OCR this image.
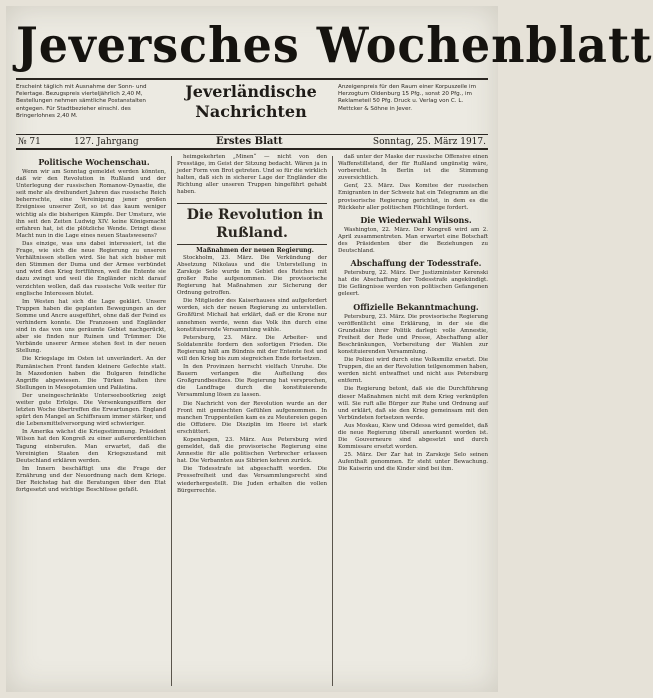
Jeversches Wochenblatt
Erscheint täglich mit Ausnahme der Sonn- und Feiertage. Bezugspreis vierteljährlich 2,40 M, Bestellungen nehmen sämtliche Postanstalten entgegen. Für Stadtbezieher einschl. des Bringerlohnes 2,40 M.
Jeverländische
Nachrichten
Anzeigenpreis für den Raum einer Korpuszeile im Herzogtum Oldenburg 15 Pfg., sonst 20 Pfg., im Reklameteil 50 Pfg. Druck u. Verlag von C. L. Mettcker & Söhne in Jever.
№ 71	127. Jahrgang	Erstes Blatt	Sonntag, 25. März 1917.

Politische Wochenschau.

Wenn wir am Sonntag gemeldet werden könnten, daß wir den Revolution in Rußland und der Unterlegung der russischen Romanow-Dynastie, die seit mehr als dreihundert Jahren das russische Reich beherrschte, eine Vereinigung jener großen Ereignisse unserer Zeit, so ist das kaum weniger wichtig als die bisherigen Kämpfe. Der Umsturz, wie ihn seit den Zeiten Ludwig XIV. keine Königsmacht erfahren hat, ist die plötzliche Wende. Dringt diese Macht nun in die Lage eines neuen Staatswesens?

Das einzige, was uns dabei interessiert, ist die Frage, wie sich die neue Regierung zu unseren Verhältnissen stellen wird. Sie hat sich bisher mit den Stimmen der Duma und der Armee verbündet und wird den Krieg fortführen, weil die Entente sie dazu zwingt und weil die Engländer nicht darauf verzichten wollen, daß das russische Volk weiter für englische Interessen blutet.

Im Westen hat sich die Lage geklärt. Unsere Truppen haben die geplanten Bewegungen an der Somme und Ancre ausgeführt, ohne daß der Feind es verhindern konnte. Die Franzosen und Engländer sind in das von uns geräumte Gebiet nachgerückt, aber sie finden nur Ruinen und Trümmer. Die Verbände unserer Armee stehen fest in der neuen Stellung.

Die Kriegslage im Osten ist unverändert. An der Rumänischen Front fanden kleinere Gefechte statt. In Mazedonien haben die Bulgaren feindliche Angriffe abgewiesen. Die Türken halten ihre Stellungen in Mesopotamien und Palästina.

Der uneingeschränkte Unterseebootkrieg zeigt weiter gute Erfolge. Die Versenkungsziffern der letzten Woche übertreffen die Erwartungen. England spürt den Mangel an Schiffsraum immer stärker, und die Lebensmittelversorgung wird schwieriger.

In Amerika wächst die Kriegsstimmung. Präsident Wilson hat den Kongreß zu einer außerordentlichen Tagung einberufen. Man erwartet, daß die Vereinigten Staaten den Kriegszustand mit Deutschland erklären werden.

Im Innern beschäftigt uns die Frage der Ernährung und der Neuordnung nach dem Kriege. Der Reichstag hat die Beratungen über den Etat fortgesetzt und wichtige Beschlüsse gefaßt.

heimgekehrten „Minen“ — nicht von den Presstäge, im Geist der Sitzung bedacht. Wären ja in jeder Form von Brot getreten. Und so für die wirklich halten, daß sich in sicherer Lage der Engländer die Richtung aller unseren Truppen hingeführt gehabt haben.

Die Revolution in Rußland.

Maßnahmen der neuen Regierung.

Stockholm, 23. März. Die Verkündung der Absetzung Nikolaus und die Unterstellung in Zarskoje Selo wurde im Gebiet des Reiches mit großer Ruhe aufgenommen. Die provisorische Regierung hat Maßnahmen zur Sicherung der Ordnung getroffen.

Die Mitglieder des Kaiserhauses sind aufgefordert worden, sich der neuen Regierung zu unterstellen. Großfürst Michail hat erklärt, daß er die Krone nur annehmen werde, wenn das Volk ihn durch eine konstituierende Versammlung wähle.

Petersburg, 23. März. Die Arbeiter- und Soldatenräte fordern den sofortigen Frieden. Die Regierung hält am Bündnis mit der Entente fest und will den Krieg bis zum siegreichen Ende fortsetzen.

In den Provinzen herrscht vielfach Unruhe. Die Bauern verlangen die Aufteilung des Großgrundbesitzes. Die Regierung hat versprochen, die Landfrage durch die konstituierende Versammlung lösen zu lassen.

Die Nachricht von der Revolution wurde an der Front mit gemischten Gefühlen aufgenommen. In manchen Truppenteilen kam es zu Meutereien gegen die Offiziere. Die Disziplin im Heere ist stark erschüttert.

Kopenhagen, 23. März. Aus Petersburg wird gemeldet, daß die provisorische Regierung eine Amnestie für alle politischen Verbrecher erlassen hat. Die Verbannten aus Sibirien kehren zurück.

Die Todesstrafe ist abgeschafft worden. Die Pressefreiheit und das Versammlungsrecht sind wiederhergestellt. Die Juden erhalten die vollen Bürgerrechte.

daß unter der Maske der russische Offensive einen Waffenstillstand, der für Rußland ungünstig wäre, vorbereitet. In Berlin ist die Stimmung zuversichtlich.

Genf, 23. März. Das Komitee der russischen Emigranten in der Schweiz hat ein Telegramm an die provisorische Regierung gerichtet, in dem es die Rückkehr aller politischen Flüchtlinge fordert.

Die Wiederwahl Wilsons.

Washington, 22. März. Der Kongreß wird am 2. April zusammentreten. Man erwartet eine Botschaft des Präsidenten über die Beziehungen zu Deutschland.

Abschaffung der Todesstrafe.

Petersburg, 22. März. Der Justizminister Kerenski hat die Abschaffung der Todesstrafe angekündigt. Die Gefängnisse werden von politischen Gefangenen geleert.

Offizielle Bekanntmachung.

Petersburg, 23. März. Die provisorische Regierung veröffentlicht eine Erklärung, in der sie die Grundsätze ihrer Politik darlegt: volle Amnestie, Freiheit der Rede und Presse, Abschaffung aller Beschränkungen, Vorbereitung der Wahlen zur konstituierenden Versammlung.

Die Polizei wird durch eine Volksmiliz ersetzt. Die Truppen, die an der Revolution teilgenommen haben, werden nicht entwaffnet und nicht aus Petersburg entfernt.

Die Regierung betont, daß sie die Durchführung dieser Maßnahmen nicht mit dem Krieg verknüpfen will. Sie ruft alle Bürger zur Ruhe und Ordnung auf und erklärt, daß sie den Krieg gemeinsam mit den Verbündeten fortsetzen werde.

Aus Moskau, Kiew und Odessa wird gemeldet, daß die neue Regierung überall anerkannt worden ist. Die Gouverneure sind abgesetzt und durch Kommissare ersetzt worden.

25. März. Der Zar hat in Zarskoje Selo seinen Aufenthalt genommen. Er steht unter Bewachung. Die Kaiserin und die Kinder sind bei ihm.
